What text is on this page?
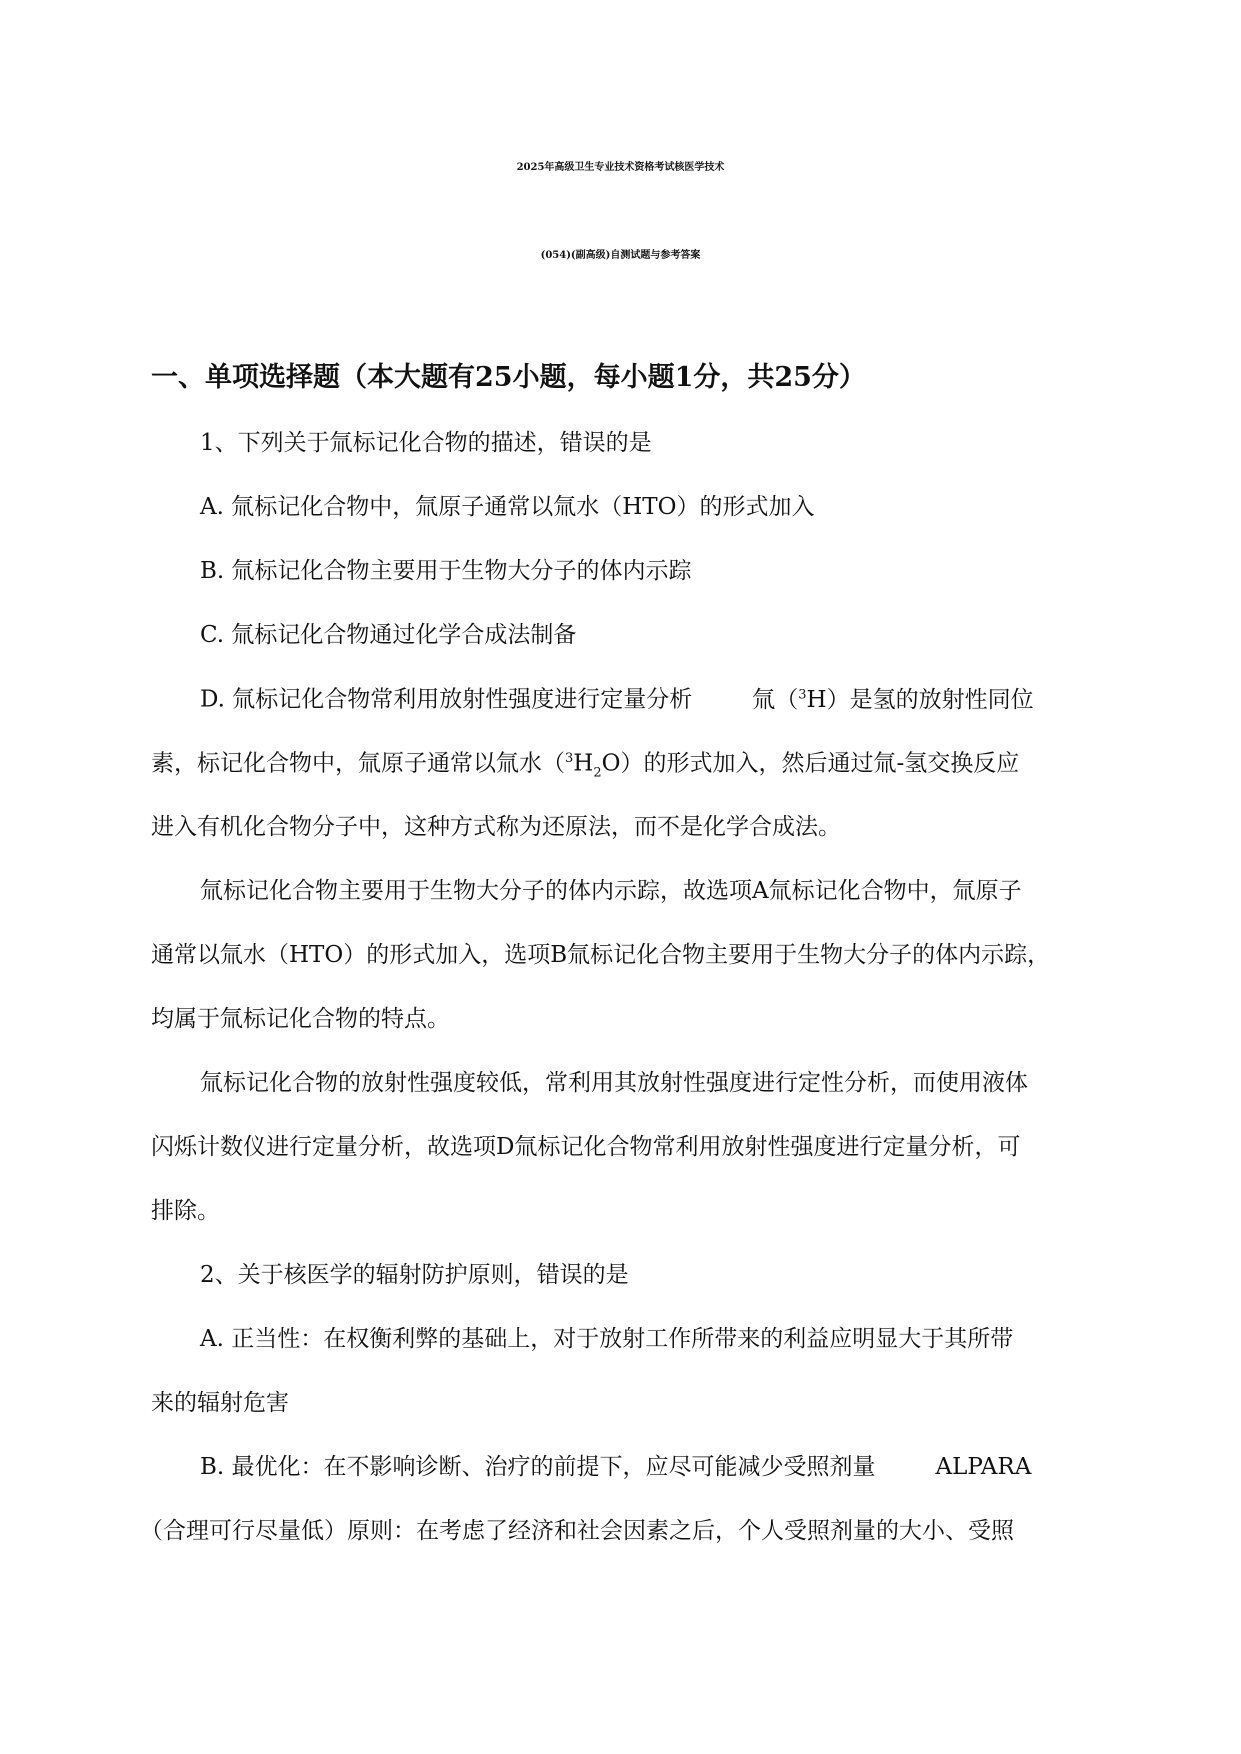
2025年高级卫生专业技术资格考试核医学技术
(054)(副高级)自测试题与参考答案
一、单项选择题（本大题有25小题，每小题1分，共25分）
1、下列关于氚标记化合物的描述，错误的是
A. 氚标记化合物中，氚原子通常以氚水（HTO）的形式加入
B. 氚标记化合物主要用于生物大分子的体内示踪
C. 氚标记化合物通过化学合成法制备
D. 氚标记化合物常利用放射性强度进行定量分析	氚（$^3$H）是氢的放射性同位
素，标记化合物中，氚原子通常以氚水$(^3H_2O)$的形式加入，然后通过氚-氢交换反应
进入有机化合物分子中，这种方式称为还原法，而不是化学合成法。
氚标记化合物主要用于生物大分子的体内示踪，故选项A氚标记化合物中，氚原子
通常以氚水（HTO）的形式加入，选项B氚标记化合物主要用于生物大分子的体内示踪，
均属于氚标记化合物的特点。
氚标记化合物的放射性强度较低，常利用其放射性强度进行定性分析，而使用液体
闪烁计数仪进行定量分析，故选项D氚标记化合物常利用放射性强度进行定量分析，可
排除。
2、关于核医学的辐射防护原则，错误的是
A. 正当性：在权衡利弊的基础上，对于放射工作所带来的利益应明显大于其所带
来的辐射危害
B. 最优化：在不影响诊断、治疗的前提下，应尽可能减少受照剂量	ALPARA
（合理可行尽量低）原则：在考虑了经济和社会因素之后，个人受照剂量的大小、受照
